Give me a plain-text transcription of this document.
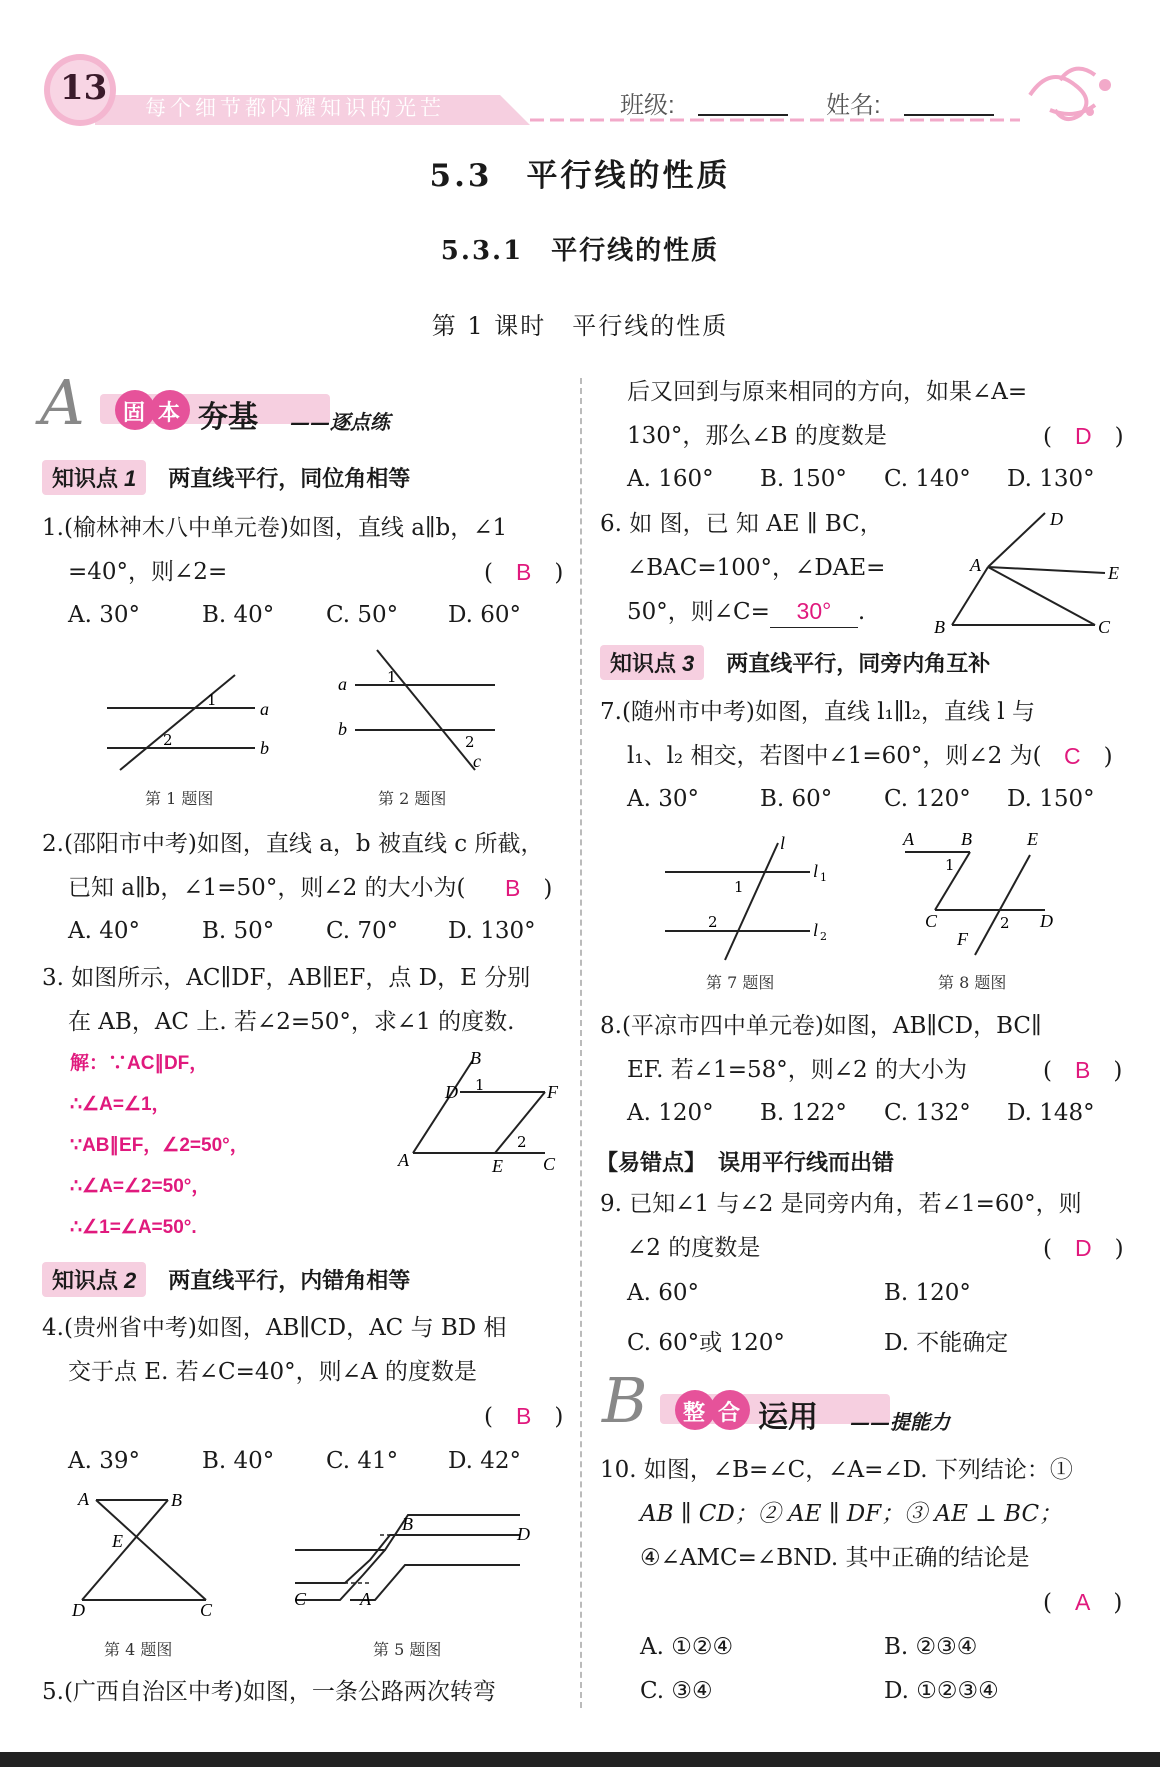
13
每个细节都闪耀知识的光芒	班级:	姓名:
5.3　平行线的性质
5.3.1　平行线的性质
第 1 课时　平行线的性质
A 固 本 夯基 ——逐点练
知识点 1 两直线平行，同位角相等
1.(榆林神木八中单元卷)如图，直线 a∥b，∠1
=40°，则∠2=	(　B　)
A. 30°	B. 40° C. 50° D. 60°
a
b
1
2
第 1 题图
a
b
c
1
2
第 2 题图
2.(邵阳市中考)如图，直线 a，b 被直线 c 所截，
已知 a∥b，∠1=50°，则∠2 的大小为( B　)
A. 40°	B. 50° C. 70° D. 130°
3. 如图所示，AC∥DF，AB∥EF，点 D，E 分别
在 AB，AC 上. 若∠2=50°，求∠1 的度数.
解：∵AC∥DF，
∴∠A=∠1，
∵AB∥EF，∠2=50°，
∴∠A=∠2=50°，
∴∠1=∠A=50°.
A
B
D	F
E C
1
2
知识点 2 两直线平行，内错角相等
4.(贵州省中考)如图，AB∥CD，AC 与 BD 相
交于点 E. 若∠C=40°，则∠A 的度数是
(　B　)
A. 39°	B. 40° C. 41° D. 42°
A	B
E
D	C
第 4 题图
B	D
C	A
第 5 题图
5.(广西自治区中考)如图，一条公路两次转弯
后又回到与原来相同的方向，如果∠A=
130°，那么∠B 的度数是	(　D　)
A. 160° B. 150° C. 140° D. 130°
6. 如 图，已 知 AE ∥ BC，
∠BAC=100°，∠DAE=
50°，则∠C= 30° .
D
A	E
B	C
知识点 3 两直线平行，同旁内角互补
7.(随州市中考)如图，直线 l₁∥l₂，直线 l 与
l₁、l₂ 相交，若图中∠1=60°，则∠2 为( C　)
A. 30°	B. 60° C. 120° D. 150°
l
l 1
l 2
1
2
第 7 题图
A	B	E
C	D
F
1
2
第 8 题图
8.(平凉市四中单元卷)如图，AB∥CD，BC∥
EF. 若∠1=58°，则∠2 的大小为	(　B　)
A. 120° B. 122° C. 132° D. 148°
【易错点】 误用平行线而出错
9. 已知∠1 与∠2 是同旁内角，若∠1=60°，则
∠2 的度数是	(　D　)
A. 60°	B. 120°
C. 60°或 120°	D. 不能确定
B 整 合 运用 ——提能力
10. 如图，∠B=∠C，∠A=∠D. 下列结论：①
AB ∥ CD；② AE ∥ DF；③ AE ⊥ BC；
④∠AMC=∠BND. 其中正确的结论是
(　A　)
A. ①②④	B. ②③④
C. ③④	D. ①②③④
